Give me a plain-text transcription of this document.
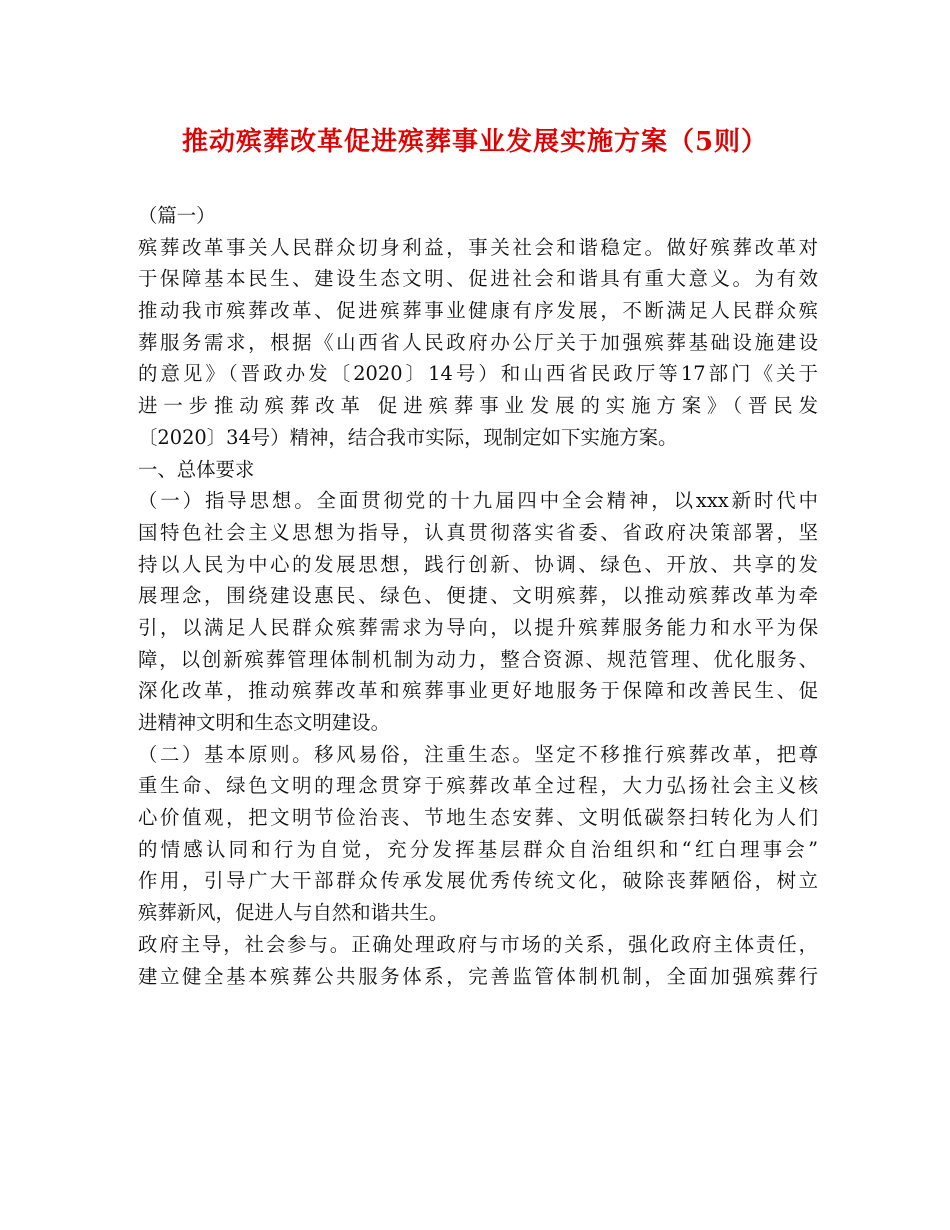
推动殡葬改革促进殡葬事业发展实施方案（5则）
（篇一）
殡葬改革事关人民群众切身利益，事关社会和谐稳定。做好殡葬改革对
于保障基本民生、建设生态文明、促进社会和谐具有重大意义。为有效
推动我市殡葬改革、促进殡葬事业健康有序发展，不断满足人民群众殡
葬服务需求，根据《山西省人民政府办公厅关于加强殡葬基础设施建设
的意见》（晋政办发〔2020〕14号）和山西省民政厅等17部门《关于
进一步推动殡葬改革 促进殡葬事业发展的实施方案》（晋民发
〔2020〕34号）精神，结合我市实际，现制定如下实施方案。
一、总体要求
（一）指导思想。全面贯彻党的十九届四中全会精神，以xxx新时代中
国特色社会主义思想为指导，认真贯彻落实省委、省政府决策部署，坚
持以人民为中心的发展思想，践行创新、协调、绿色、开放、共享的发
展理念，围绕建设惠民、绿色、便捷、文明殡葬，以推动殡葬改革为牵
引，以满足人民群众殡葬需求为导向，以提升殡葬服务能力和水平为保
障，以创新殡葬管理体制机制为动力，整合资源、规范管理、优化服务、
深化改革，推动殡葬改革和殡葬事业更好地服务于保障和改善民生、促
进精神文明和生态文明建设。
（二）基本原则。移风易俗，注重生态。坚定不移推行殡葬改革，把尊
重生命、绿色文明的理念贯穿于殡葬改革全过程，大力弘扬社会主义核
心价值观，把文明节俭治丧、节地生态安葬、文明低碳祭扫转化为人们
的情感认同和行为自觉，充分发挥基层群众自治组织和“红白理事会”
作用，引导广大干部群众传承发展优秀传统文化，破除丧葬陋俗，树立
殡葬新风，促进人与自然和谐共生。
政府主导，社会参与。正确处理政府与市场的关系，强化政府主体责任，
建立健全基本殡葬公共服务体系，完善监管体制机制，全面加强殡葬行
